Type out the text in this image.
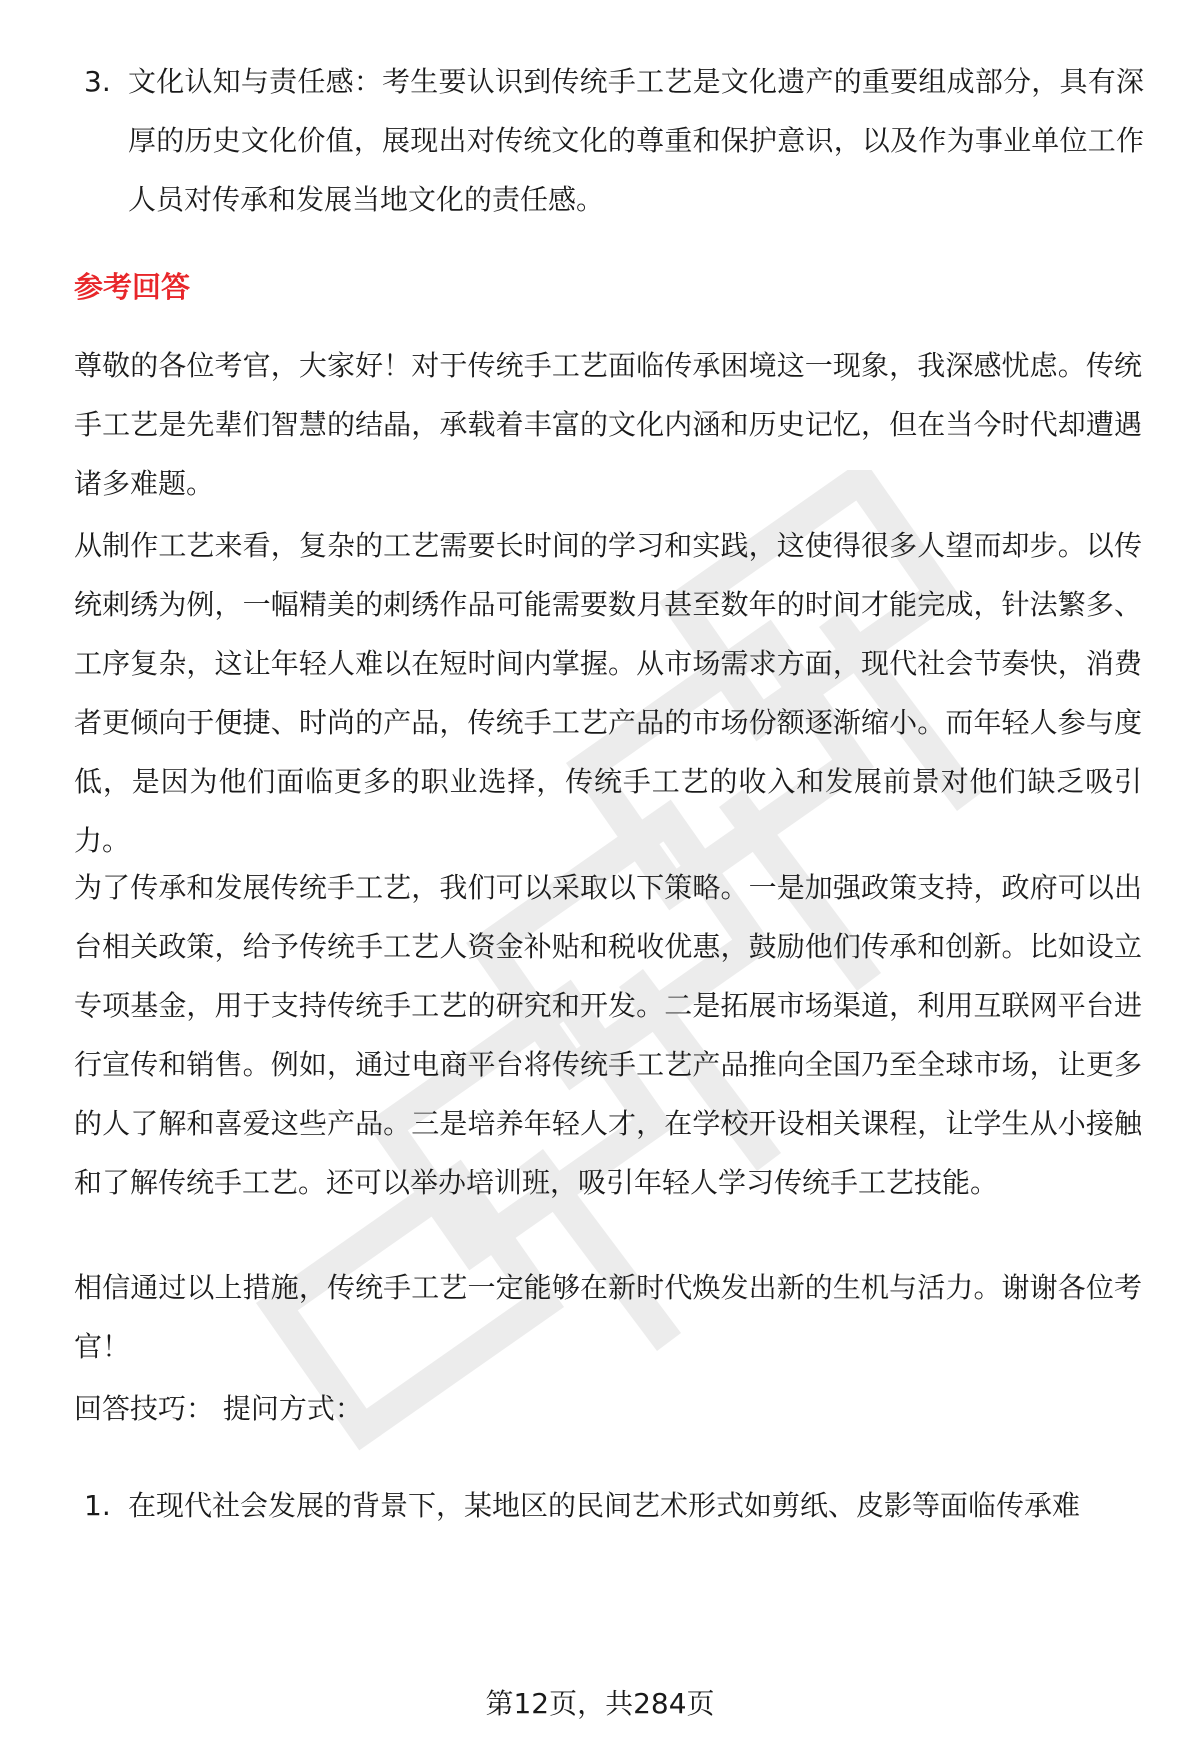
3. 文化认知与责任感：考生要认识到传统手工艺是文化遗产的重要组成部分，具有深厚的历史文化价值，展现出对传统文化的尊重和保护意识，以及作为事业单位工作人员对传承和发展当地文化的责任感。
参考回答

尊敬的各位考官，大家好！对于传统手工艺面临传承困境这一现象，我深感忧虑。传统手工艺是先辈们智慧的结晶，承载着丰富的文化内涵和历史记忆，但在当今时代却遭遇诸多难题。

从制作工艺来看，复杂的工艺需要长时间的学习和实践，这使得很多人望而却步。以传统刺绣为例，一幅精美的刺绣作品可能需要数月甚至数年的时间才能完成，针法繁多、工序复杂，这让年轻人难以在短时间内掌握。从市场需求方面，现代社会节奏快，消费者更倾向于便捷、时尚的产品，传统手工艺产品的市场份额逐渐缩小。而年轻人参与度低，是因为他们面临更多的职业选择，传统手工艺的收入和发展前景对他们缺乏吸引力。

为了传承和发展传统手工艺，我们可以采取以下策略。一是加强政策支持，政府可以出台相关政策，给予传统手工艺人资金补贴和税收优惠，鼓励他们传承和创新。比如设立专项基金，用于支持传统手工艺的研究和开发。二是拓展市场渠道，利用互联网平台进行宣传和销售。例如，通过电商平台将传统手工艺产品推向全国乃至全球市场，让更多的人了解和喜爱这些产品。三是培养年轻人才，在学校开设相关课程，让学生从小接触和了解传统手工艺。还可以举办培训班，吸引年轻人学习传统手工艺技能。

相信通过以上措施，传统手工艺一定能够在新时代焕发出新的生机与活力。谢谢各位考官！

回答技巧： 提问方式：

1. 在现代社会发展的背景下，某地区的民间艺术形式如剪纸、皮影等面临传承难
第12页，共284页
